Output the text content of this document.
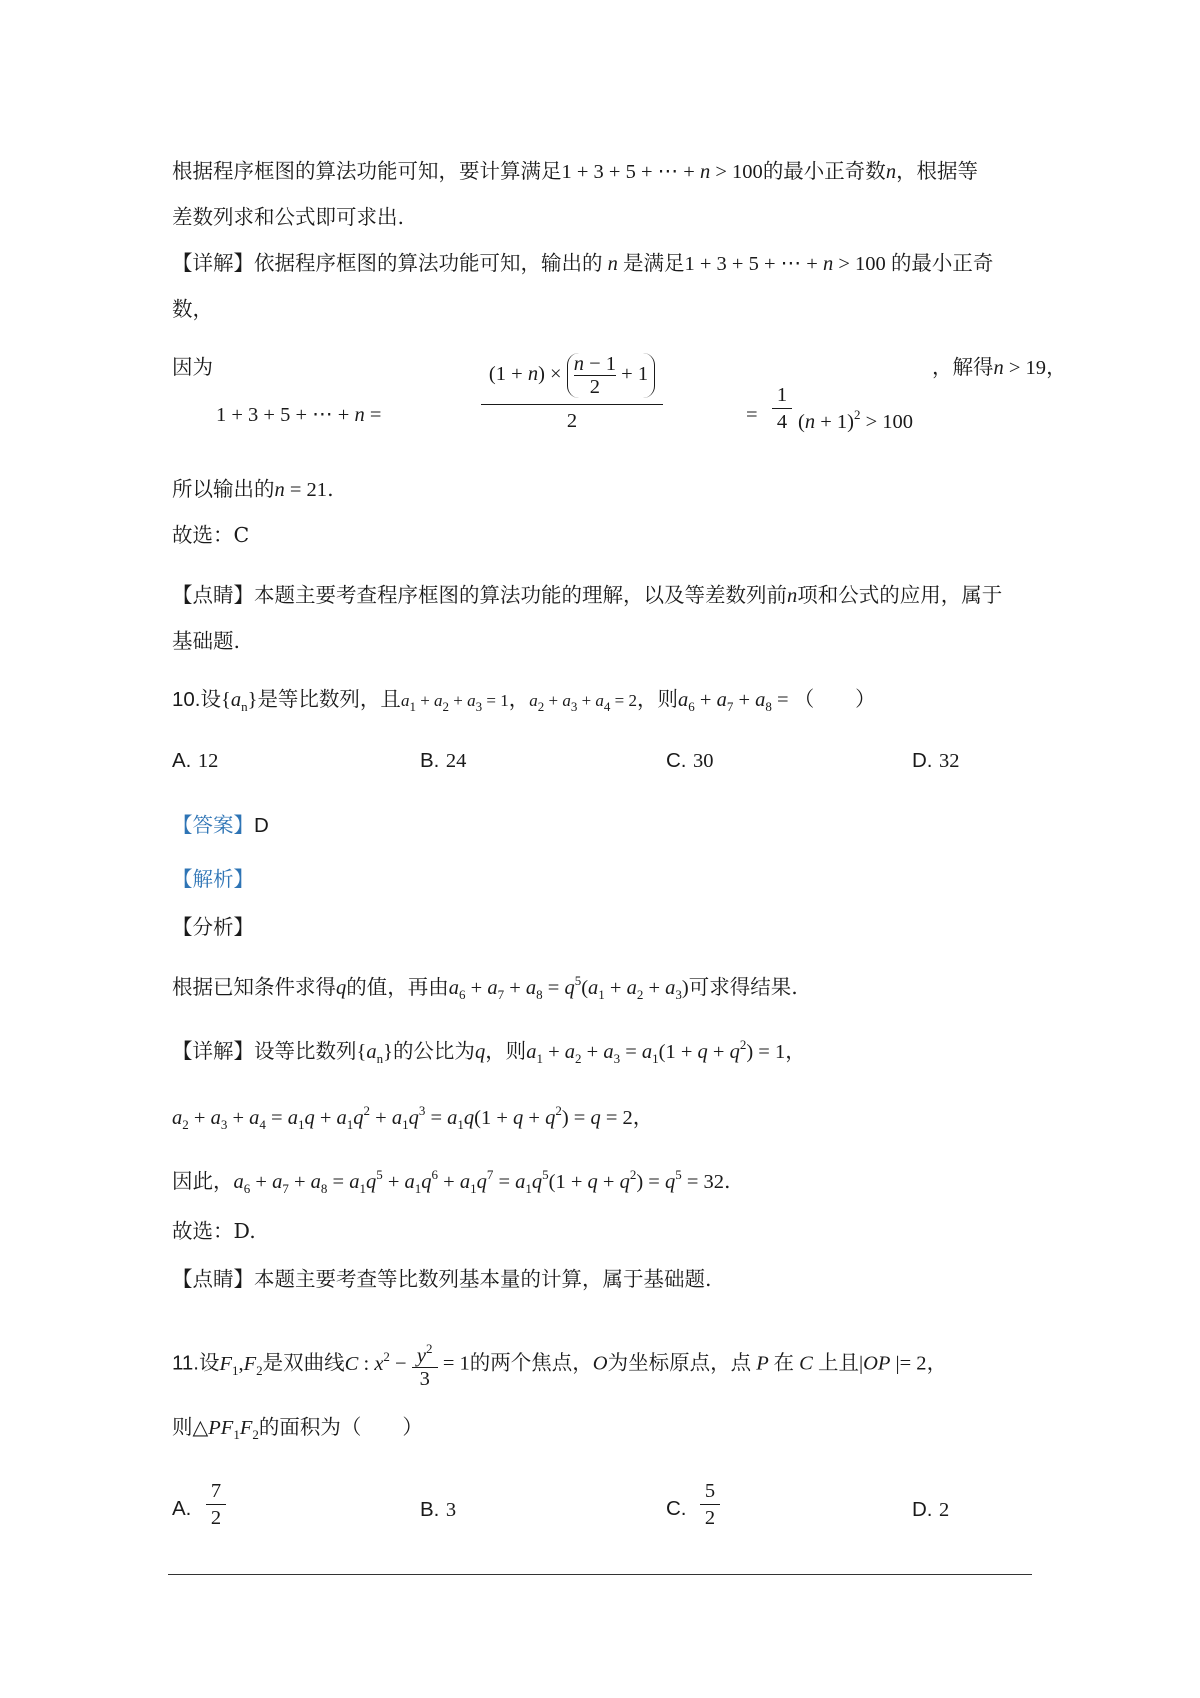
根据程序框图的算法功能可知，要计算满足1 + 3 + 5 + ⋯ + n > 100的最小正奇数n，根据等
差数列求和公式即可求出.
【详解】依据程序框图的算法功能可知，输出的 n 是满足1 + 3 + 5 + ⋯ + n > 100 的最小正奇
数，
因为
1 + 3 + 5 + ⋯ + n =
$(1 + n) \times \frac{n - 1}{2} + 1$
2	=
1
4 $(n + 1)^2 > 100$
，解得n > 19，
所以输出的n = 21.
故选：C
【点睛】本题主要考查程序框图的算法功能的理解，以及等差数列前n项和公式的应用，属于
基础题.
10.设$\{a_n\}$是等比数列，且$a_1 + a_2 + a_3 = 1$，$a_2 + a_3 + a_4 = 2$，则$a_6 + a_7 + a_8$ = （　　）
A. 12	B. 24	C. 30	D. 32
【答案】D
【解析】
【分析】
根据已知条件求得q的值，再由$a_6 + a_7 + a_8 = q^5(a_1 + a_2 + a_3)$可求得结果.
【详解】设等比数列$\{a_n\}$的公比为q，则$a_1 + a_2 + a_3 = a_1(1 + q + q^2) = 1$，
$a_2 + a_3 + a_4 = a_1q + a_1q^2 + a_1q^3 = a_1q(1 + q + q^2) = q = 2$，
因此，$a_6 + a_7 + a_8 = a_1q^5 + a_1q^6 + a_1q^7 = a_1q^5(1 + q + q^2) = q^5 = 32$.
故选：D.
【点睛】本题主要考查等比数列基本量的计算，属于基础题.
11.设$F_1,F_2$是双曲线C : $x^2 - \frac{y^2}{3} = 1$的两个焦点，O为坐标原点，点 P 在 C 上且|OP |= 2，
则$\triangle PF_1F_2$的面积为（　　）
A. $\frac{7}{2}$	B. 3	C. $\frac{5}{2}$	D. 2
